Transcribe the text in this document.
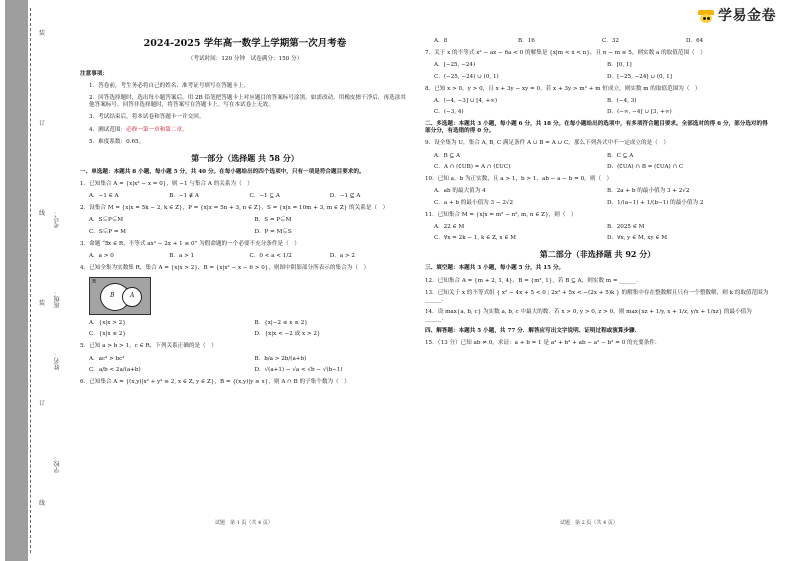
装
订
线
装
订
线
学校：
姓名：
班级：
考号：
学易金卷
2024-2025 学年高一数学上学期第一次月考卷
（考试时间：120 分钟　试卷满分：150 分）
注意事项：
1．答卷前，考生务必将自己的姓名、准考证号填写在答题卡上。
2．回答选择题时，选出每小题答案后，用 2B 铅笔把答题卡上对应题目的答案标号涂黑。如需改动，用橡皮擦干净后，再选涂其他答案标号。回答非选择题时，将答案写在答题卡上。写在本试卷上无效。
3．考试结束后，将本试卷和答题卡一并交回。
4．测试范围：必修一第一章和第二章。
5．难度系数：0.65。
第一部分（选择题 共 58 分）
一、单选题：本题共 8 小题，每小题 5 分，共 40 分。在每小题给出的四个选项中，只有一项是符合题目要求的。
1．已知集合 A = {x|x² − x = 0}，则 −1 与集合 A 的关系为（　）
A．−1 ∈ A	B．−1 ∉ A	C．−1 ⊆ A	D．−1 ⊈ A
2．设集合 M = {x|x = 5k − 2, k ∈ Z}，P = {x|x = 5n + 3, n ∈ Z}，S = {x|x = 10m + 3, m ∈ Z} 的关系是（　）
A．S⊊P⊊M	B．S = P⊊M
C．S⊊P = M	D．P = M⊊S
3．命题 “∃x ∈ R，不等式 ax² − 2x + 1 ≤ 0” 为假命题的一个必要不充分条件是（　）
A．a > 0	B．a > 1	C．0 < a < 1/2	D．a > 2
4．已知全集为实数集 R，集合 A = {x|x > 2}，B = {x|x² − x − 6 > 0}，则图中阴影部分所表示的集合为（　）
R
B	A
A．{x|x > 2}	B．{x|−2 ≤ x ≤ 2}
C．{x|x ≤ 2}	D．{x|x < −2 或 x > 2}
5．已知 a > b > 1，c ∈ R，下列关系正确的是（　）
A．ac² > bc²	B．b/a > 2b/(a+b)
C．a/b < 2a/(a+b)	D．√(a+1) − √a < √b − √(b−1)
6．已知集合 A = {(x,y)|x² + y² ≤ 2, x ∈ Z, y ∈ Z}，B = {(x,y)|y ≥ x}，则 A ∩ B 的子集个数为（　）
试题　第 1 页（共 4 页）
A．8	B．16	C．32	D．64
7．关于 x 的不等式 x² − ax − 6a < 0 的解集是 {x|m < x < n}，且 n − m ≤ 5，则实数 a 的取值范围（　）
A．[−25, −24)	B．[0, 1]
C．(−25, −24) ∪ (0, 1)	D．[−25, −24] ∪ (0, 1]
8．已知 x > 0，y > 0，且 x + 3y − xy = 0，若 x + 3y > m² + m 恒成立，则实数 m 的取值范围为（　）
A．(−4, −3] ∪ [4, +∞)	B．(−4, 3)
C．(−3, 4)	D．(−∞, −4] ∪ [3, +∞)
二、多选题：本题共 3 小题，每小题 6 分，共 18 分。在每小题给出的选项中，有多项符合题目要求。全部选对的得 6 分，部分选对的得部分分，有选错的得 0 分。
9．设全集为 U，集合 A, B, C 满足条件 A ∪ B = A ∪ C，那么下列各式中不一定成立的是（　）
A．B ⊆ A	B．C ⊆ A
C．A ∩ (∁UB) = A ∩ (∁UC)	D．(∁UA) ∩ B = (∁UA) ∩ C
10．已知 a，b 为正实数，且 a > 1，b > 1，ab − a − b = 0，则（　）
A．ab 的最大值为 4	B．2a + b 的最小值为 3 + 2√2
C．a + b 的最小值为 3 − 2√2	D．1/(a−1) + 1/(b−1) 的最小值为 2
11．已知集合 M = {x|x = m² − n², m, n ∈ Z}，则（　）
A．22 ∈ M	B．2025 ∈ M
C．∀x = 2k − 1, k ∈ Z, x ∈ M	D．∀x, y ∈ M, xy ∈ M
第二部分（非选择题 共 92 分）
三、填空题：本题共 3 小题，每小题 5 分，共 15 分。
12．已知集合 A = {m + 2, 1, 4}，B = {m², 1}，若 B ⊆ A，则实数 m = ______．
13．已知关于 x 的不等式组 { x² − 4x + 5 < 0 ; 2x² + 5x < −(2x + 5)k } 的解集中存在整数解且只有一个整数解，则 k 的取值范围为______．
14．设 max{a, b, c} 为实数 a, b, c 中最大的数．若 x > 0, y > 0, z > 0，则 max{xz + 1/y, x + 1/z, y/x + 1/xz} 的最小值为______．
四、解答题：本题共 5 小题，共 77 分．解答应写出文字说明、证明过程或演算步骤．
15．（13 分）已知 ab ≠ 0，求证：a + b = 1 是 a³ + b³ + ab − a² − b² = 0 的充要条件．
试题　第 2 页（共 4 页）
